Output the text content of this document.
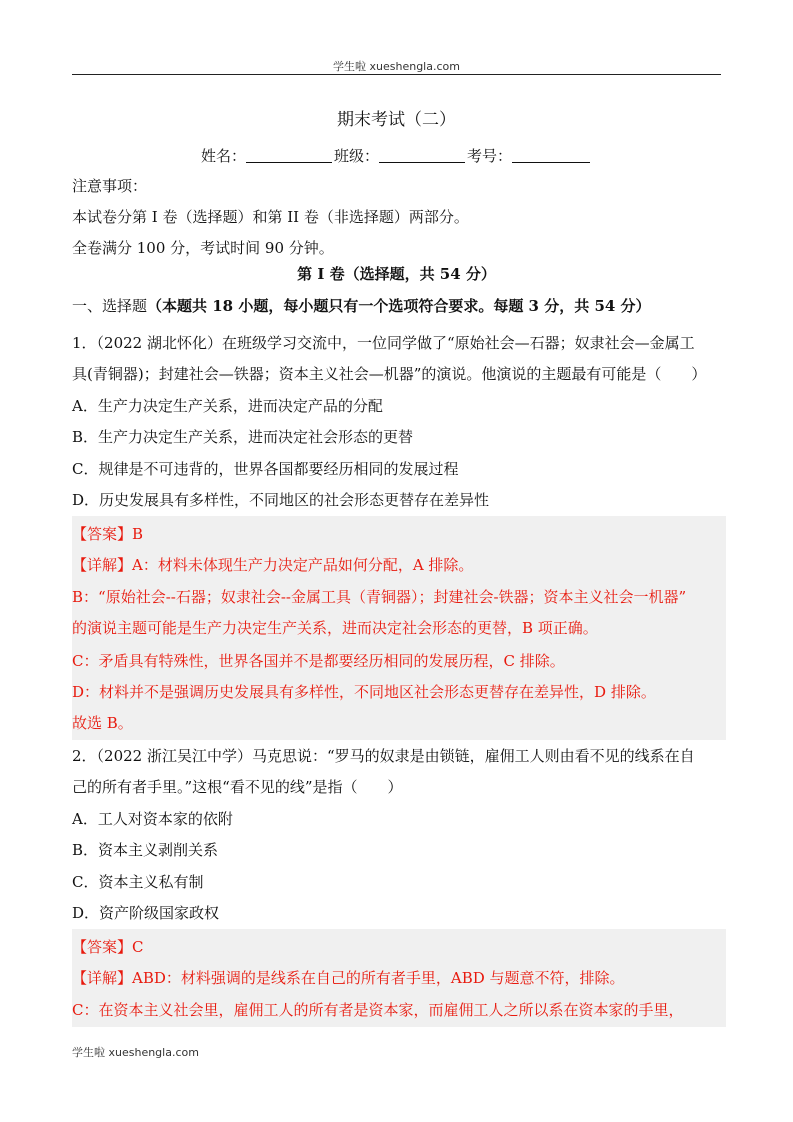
学生啦 xueshengla.com
期末考试（二）
姓名：	班级：	考号：
注意事项：
本试卷分第 I 卷（选择题）和第 II 卷（非选择题）两部分。
全卷满分 100 分，考试时间 90 分钟。
第 I 卷（选择题，共 54 分）
一、选择题（本题共 18 小题，每小题只有一个选项符合要求。每题 3 分，共 54 分）
1．（2022 湖北怀化）在班级学习交流中，一位同学做了“原始社会—石器；奴隶社会—金属工
具(青铜器)；封建社会—铁器；资本主义社会—机器”的演说。他演说的主题最有可能是（　　）
A．生产力决定生产关系，进而决定产品的分配
B．生产力决定生产关系，进而决定社会形态的更替
C．规律是不可违背的，世界各国都要经历相同的发展过程
D．历史发展具有多样性，不同地区的社会形态更替存在差异性
【答案】B
【详解】A：材料未体现生产力决定产品如何分配，A 排除。
B：“原始社会--石器；奴隶社会--金属工具（青铜器）；封建社会-铁器；资本主义社会一机器”
的演说主题可能是生产力决定生产关系，进而决定社会形态的更替，B 项正确。
C：矛盾具有特殊性，世界各国并不是都要经历相同的发展历程，C 排除。
D：材料并不是强调历史发展具有多样性，不同地区社会形态更替存在差异性，D 排除。
故选 B。
2．（2022 浙江吴江中学）马克思说：“罗马的奴隶是由锁链，雇佣工人则由看不见的线系在自
己的所有者手里。”这根“看不见的线”是指（　　）
A．工人对资本家的依附
B．资本主义剥削关系
C．资本主义私有制
D．资产阶级国家政权
【答案】C
【详解】ABD：材料强调的是线系在自己的所有者手里，ABD 与题意不符，排除。
C：在资本主义社会里，雇佣工人的所有者是资本家，而雇佣工人之所以系在资本家的手里，
学生啦 xueshengla.com
